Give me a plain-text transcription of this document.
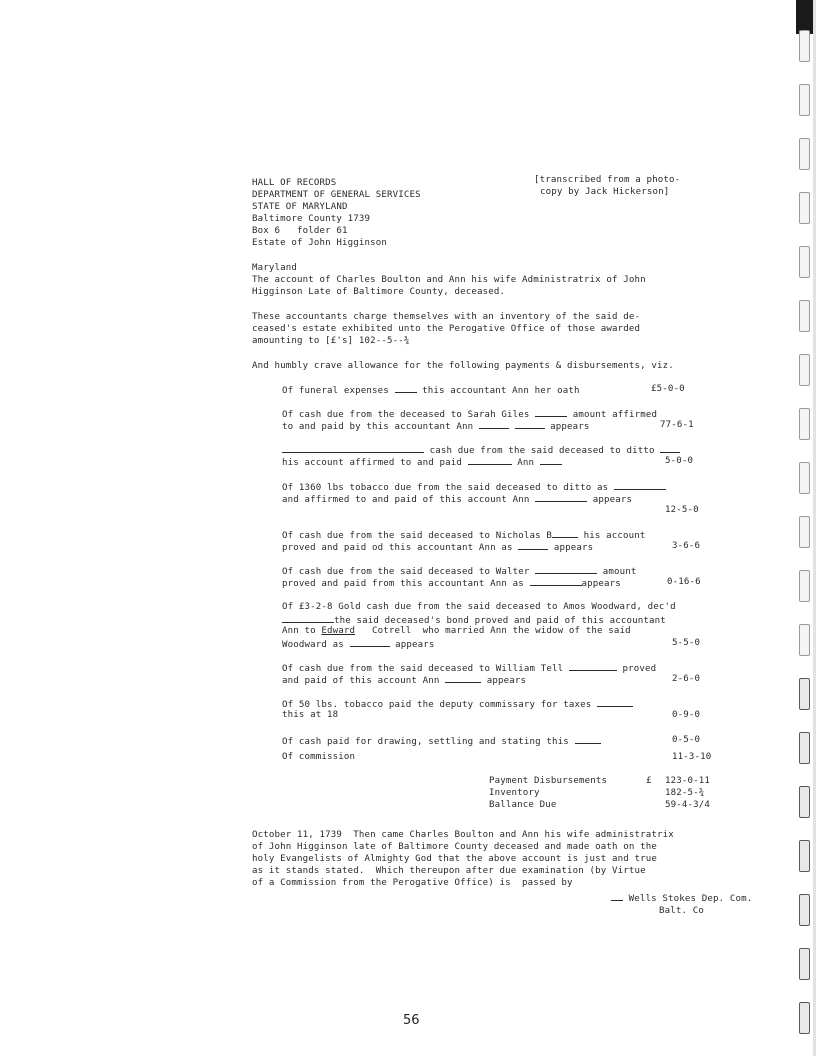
HALL OF RECORDS
DEPARTMENT OF GENERAL SERVICES
STATE OF MARYLAND
Baltimore County 1739
Box 6   folder 61
Estate of John Higginson
[transcribed from a photo-
copy by Jack Hickerson]
Maryland
The account of Charles Boulton and Ann his wife Administratrix of John
Higginson Late of Baltimore County, deceased.
These accountants charge themselves with an inventory of the said de-
ceased's estate exhibited unto the Perogative Office of those awarded
amounting to [£'s] 102--5--¾
And humbly crave allowance for the following payments & disbursements, viz.
Of funeral expenses	this accountant Ann her oath	£5-0-0
Of cash due from the deceased to Sarah Giles	amount affirmed
to and paid by this accountant Ann	appears	77-6-1
cash due from the said deceased to ditto
his account affirmed to and paid	Ann	5-0-0
Of 1360 lbs tobacco due from the said deceased to ditto as
and affirmed to and paid of this account Ann	appears
12-5-0
Of cash due from the said deceased to Nicholas B	his account
proved and paid od this accountant Ann as	appears	3-6-6
Of cash due from the said deceased to Walter	amount
proved and paid from this accountant Ann as	appears	0-16-6
Of £3-2-8 Gold cash due from the said deceased to Amos Woodward, dec'd
the said deceased's bond proved and paid of this accountant
Ann to Edward Cotrell  who married Ann the widow of the said
Woodward as	appears	5-5-0
Of cash due from the said deceased to William Tell	proved
and paid of this account Ann	appears	2-6-0
Of 50 lbs. tobacco paid the deputy commissary for taxes
this at 18	0-9-0
Of cash paid for drawing, settling and stating this	0-5-0
Of commission	11-3-10
Payment Disbursements	£ 123-0-11
Inventory	182-5-¾
Ballance Due	59-4-3/4
October 11, 1739  Then came Charles Boulton and Ann his wife administratrix
of John Higginson late of Baltimore County deceased and made oath on the
holy Evangelists of Almighty God that the above account is just and true
as it stands stated.  Which thereupon after due examination (by Virtue
of a Commission from the Perogative Office) is  passed by
Wells Stokes Dep. Com.
Balt. Co
56
